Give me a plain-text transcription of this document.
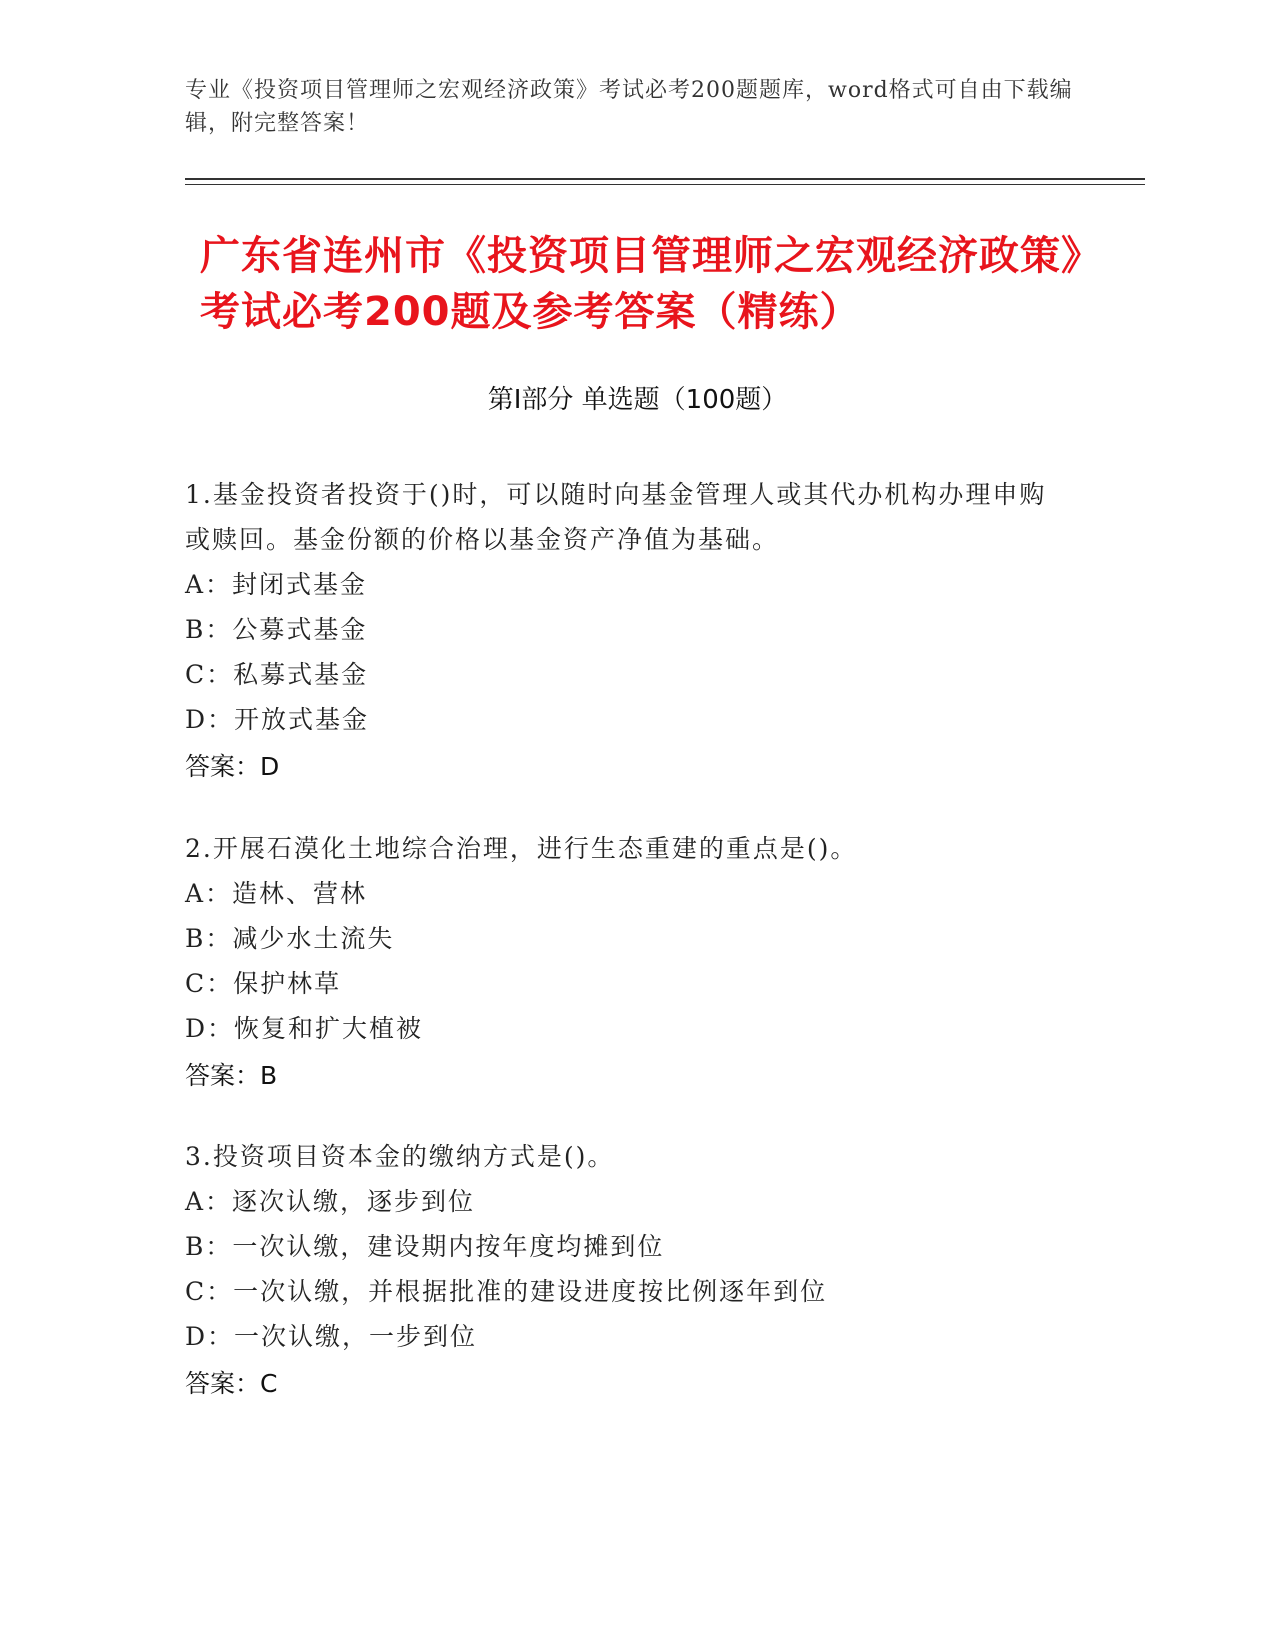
专业《投资项目管理师之宏观经济政策》考试必考200题题库，word格式可自由下载编辑，附完整答案！
广东省连州市《投资项目管理师之宏观经济政策》考试必考200题及参考答案（精练）
第I部分 单选题（100题）
1.基金投资者投资于()时，可以随时向基金管理人或其代办机构办理申购或赎回。基金份额的价格以基金资产净值为基础。
A：封闭式基金
B：公募式基金
C：私募式基金
D：开放式基金
答案：D
2.开展石漠化土地综合治理，进行生态重建的重点是()。
A：造林、营林
B：减少水土流失
C：保护林草
D：恢复和扩大植被
答案：B
3.投资项目资本金的缴纳方式是()。
A：逐次认缴，逐步到位
B：一次认缴，建设期内按年度均摊到位
C：一次认缴，并根据批准的建设进度按比例逐年到位
D：一次认缴，一步到位
答案：C
